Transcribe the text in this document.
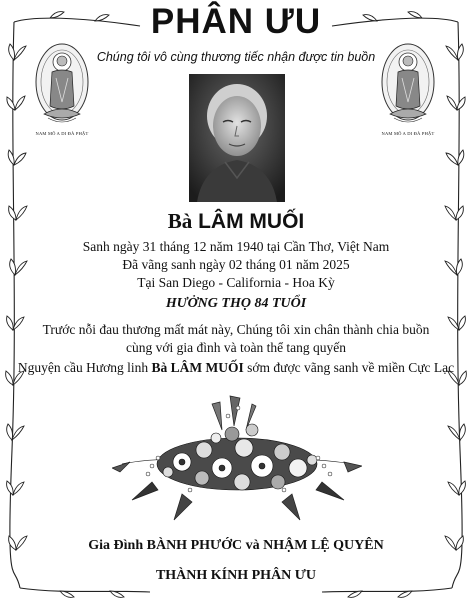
PHÂN ƯU
Chúng tôi vô cùng thương tiếc nhận được tin buồn
NAM MÔ A DI ĐÀ PHẬT	NAM MÔ A DI ĐÀ PHẬT
Bà LÂM MUỐI
Sanh ngày 31 tháng 12 năm 1940 tại Cần Thơ, Việt Nam
Đã vãng sanh ngày 02 tháng 01 năm 2025
Tại San Diego - California - Hoa Kỳ
HƯỞNG THỌ 84 TUỔI
Trước nỗi đau thương mất mát này, Chúng tôi xin chân thành chia buồn
cùng với gia đình và toàn thể tang quyến
Nguyện cầu Hương linh Bà LÂM MUỐI sớm được vãng sanh về miền Cực Lạc
Gia Đình BÀNH PHƯỚC và NHẬM LỆ QUYÊN
THÀNH KÍNH PHÂN ƯU
